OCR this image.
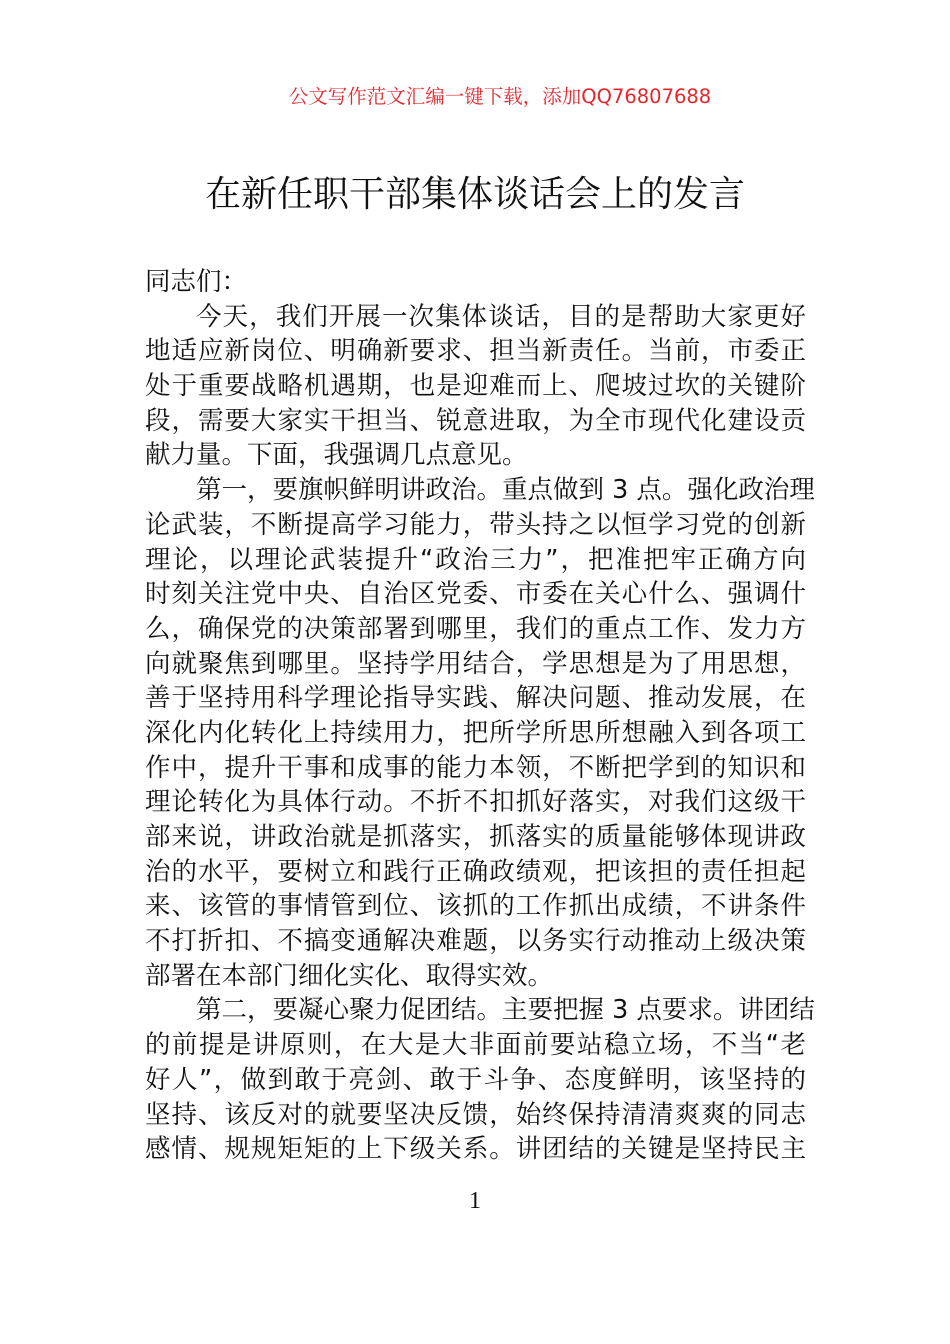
公文写作范文汇编一键下载，添加QQ76807688
在新任职干部集体谈话会上的发言
同志们：
今天，我们开展一次集体谈话，目的是帮助大家更好
地适应新岗位、明确新要求、担当新责任。当前，市委正
处于重要战略机遇期，也是迎难而上、爬坡过坎的关键阶
段，需要大家实干担当、锐意进取，为全市现代化建设贡
献力量。下面，我强调几点意见。
第一，要旗帜鲜明讲政治。重点做到 3 点。强化政治理
论武装，不断提高学习能力，带头持之以恒学习党的创新
理论，以理论武装提升“政治三力”，把准把牢正确方向
时刻关注党中央、自治区党委、市委在关心什么、强调什
么，确保党的决策部署到哪里，我们的重点工作、发力方
向就聚焦到哪里。坚持学用结合，学思想是为了用思想，
善于坚持用科学理论指导实践、解决问题、推动发展，在
深化内化转化上持续用力，把所学所思所想融入到各项工
作中，提升干事和成事的能力本领，不断把学到的知识和
理论转化为具体行动。不折不扣抓好落实，对我们这级干
部来说，讲政治就是抓落实，抓落实的质量能够体现讲政
治的水平，要树立和践行正确政绩观，把该担的责任担起
来、该管的事情管到位、该抓的工作抓出成绩，不讲条件
不打折扣、不搞变通解决难题，以务实行动推动上级决策
部署在本部门细化实化、取得实效。
第二，要凝心聚力促团结。主要把握 3 点要求。讲团结
的前提是讲原则，在大是大非面前要站稳立场，不当“老
好人”，做到敢于亮剑、敢于斗争、态度鲜明，该坚持的
坚持、该反对的就要坚决反馈，始终保持清清爽爽的同志
感情、规规矩矩的上下级关系。讲团结的关键是坚持民主
1
